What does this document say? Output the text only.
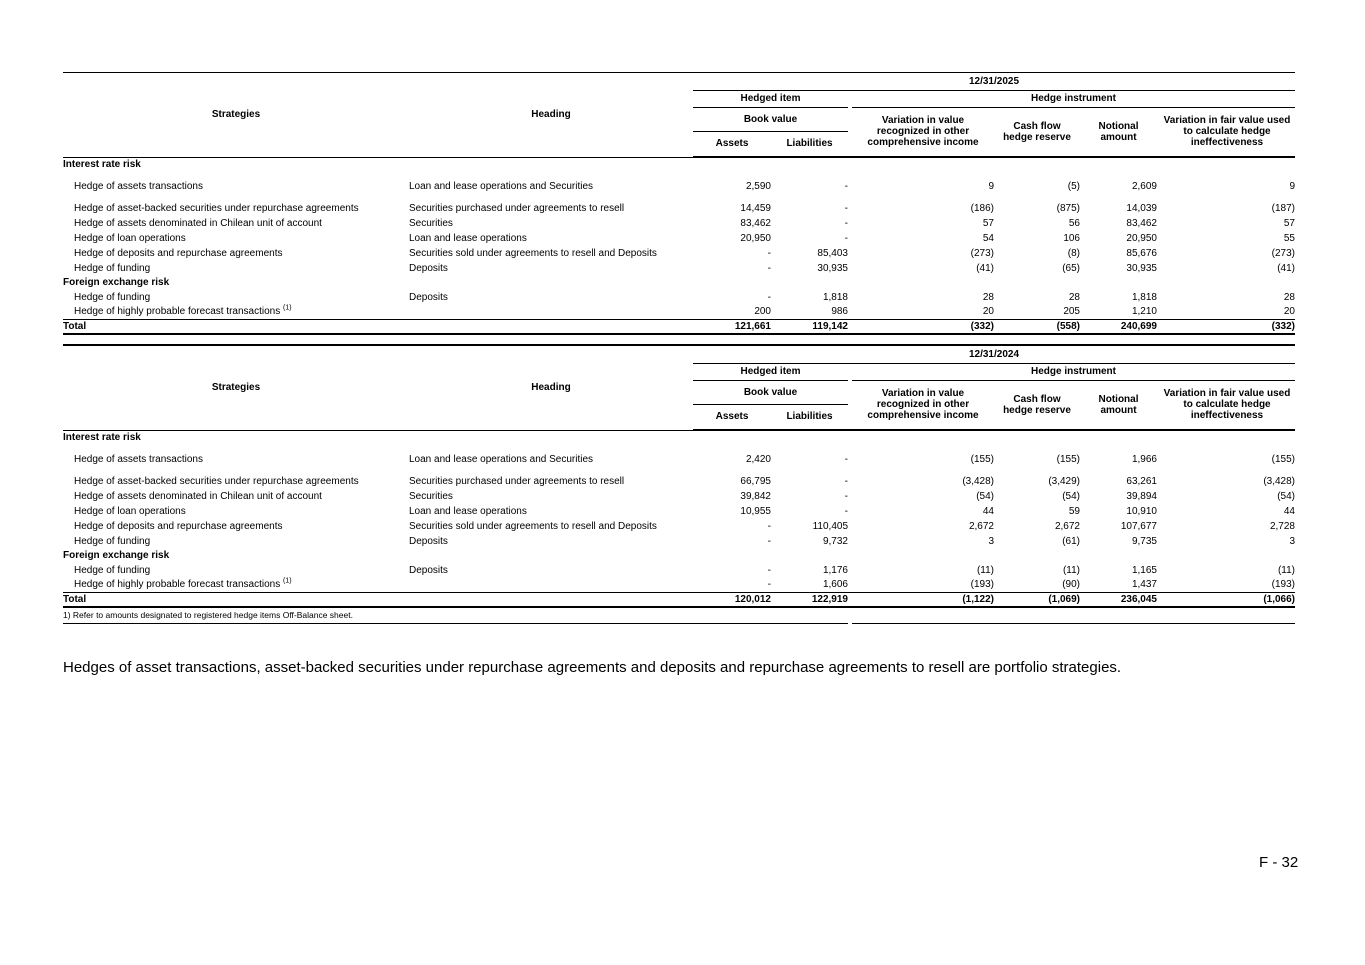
Strategies	Heading
	12/31/2025
Hedged item		Hedge instrument
Book value		Variation in value recognized in other comprehensive income	Cash flow hedge reserve	Notional amount	Variation in fair value used to calculate hedge ineffectiveness
Assets	Liabilities	

Interest rate risk
Hedge of assets transactions	Loan and lease operations and Securities	2,590	-		9	(5)	2,609	9
Hedge of asset-backed securities under repurchase agreements	Securities purchased under agreements to resell	14,459	-		(186)	(875)	14,039	(187)
Hedge of assets denominated in Chilean unit of account	Securities	83,462	-		57	56	83,462	57
Hedge of loan operations	Loan and lease operations	20,950	-		54	106	20,950	55
Hedge of deposits and repurchase agreements	Securities sold under agreements to resell and Deposits	-	85,403		(273)	(8)	85,676	(273)
Hedge of funding	Deposits	-	30,935		(41)	(65)	30,935	(41)
Foreign exchange risk
Hedge of funding	Deposits	-	1,818		28	28	1,818	28
Hedge of highly probable forecast transactions $^{(1)}$		200	986		20	205	1,210	20
Total		121,661	119,142		(332)	(558)	240,699	(332)

Strategies	Heading
	12/31/2024
Hedged item		Hedge instrument
Book value		Variation in value recognized in other comprehensive income	Cash flow hedge reserve	Notional amount	Variation in fair value used to calculate hedge ineffectiveness
Assets	Liabilities	

Interest rate risk
Hedge of assets transactions	Loan and lease operations and Securities	2,420	-		(155)	(155)	1,966	(155)
Hedge of asset-backed securities under repurchase agreements	Securities purchased under agreements to resell	66,795	-		(3,428)	(3,429)	63,261	(3,428)
Hedge of assets denominated in Chilean unit of account	Securities	39,842	-		(54)	(54)	39,894	(54)
Hedge of loan operations	Loan and lease operations	10,955	-		44	59	10,910	44
Hedge of deposits and repurchase agreements	Securities sold under agreements to resell and Deposits	-	110,405		2,672	2,672	107,677	2,728
Hedge of funding	Deposits	-	9,732		3	(61)	9,735	3
Foreign exchange risk
Hedge of funding	Deposits	-	1,176		(11)	(11)	1,165	(11)
Hedge of highly probable forecast transactions $^{(1)}$		-	1,606		(193)	(90)	1,437	(193)
Total		120,012	122,919		(1,122)	(1,069)	236,045	(1,066)
1) Refer to amounts designated to registered hedge items Off-Balance sheet.		
Hedges of asset transactions, asset-backed securities under repurchase agreements and deposits and repurchase agreements to resell are portfolio strategies.
F - 32
